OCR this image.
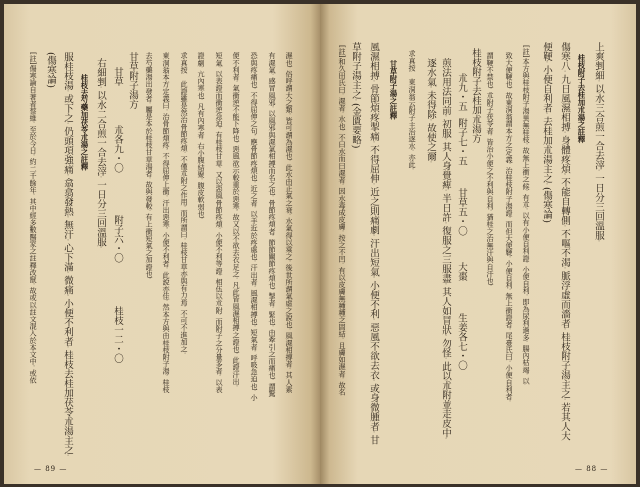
濕也。俗呼謂大之類。皆可謂為濕也。此水由正氣之衰。水氣得以乘之。後世所謂氣虛之說也。風濕相搏者。其人素
有濕氣。感冒風邪。以風邪與濕氣相搏而名之也。骨節疼煩者。節節關節疼煩也。掣者。緊也。由牽引之而痛也。謂驚
恐與疼痛也。不得屈伸之句。應骨節疼煩也。近之者。以手近於疼處也。汗出者。風濕相搏也。短氣者。呼吸急迫也。小
便不利者。氣衝逆不能下降也。惡風欲示較重於惡寒。故又以不欲去衣足之。凡此皆風濕相搏之證也。此證汗出。
短氣。以表證而衝逆急迫。有桂枝甘草。又以惡風骨節疼煩。小便不利等證。相伍以朮附。而附子之分量多者。以表
證劇。亢內寒也。凡有內寒者。右小腹結聚。腹皮軟弱也。
求真按　此證雖是然治骨節疼煩。不僅朮附之作用。而所謂曰。桂枝甘草亦與有力焉。不可不進加之。
東洞翁本方定義曰。治骨節煩疼。不得屈伸上衝。汗出惡寒。小便不利者。此說亦佳。然本方與由桂枝附子湯。桂枝
去芍藥湯出發者。屬是本於桂枝甘草湯者。故與發較。有上衝短氣之加證也。
甘草附子湯方
甘草
朮各九・〇
附子六・〇
桂枝一二・〇
右細剉。以水二合煎一合去滓。一日分三回溫服。
桂枝去芍藥加茯苓朮湯之註釋
服桂枝湯。或下之。仍頭項強痛。翕翕發熱。無汗。心下滿。微痛。小便不利者。桂枝去桂加茯苓朮湯主之。
(傷寒論)
[註]傷寒論自著者蔡維。至於今日。約二千餘年。其中經多數醫家之註釋改竄。故或以註文混入於本文中。或依
— 89 —
上爽剉細。以水三合煎一合去滓。一日分三回溫服。
桂枝附子去桂加朮湯之註釋
傷寒八。九日風濕相搏。身體疼煩。不能自轉側。不嘔不渴。脈浮虛而濇者。桂枝附子湯主之。若其人大
便鞕。小便自利者。去桂加朮湯主之。(傷寒論)
[註]本方與桂枝附子湯異無桂枝。故無上衝之候。有朮。以有小便自利證。小便自利。即為尿利過多。腸內枯竭。以
致大便鞕也。故東洞翁謂本方之定義。治桂枝附子湯證。而但大便鞕。小便自利。無上衝證者。尾臺氏曰。小便自利者。
謂鞕不禁也。朮附子茯苓者。皆治小便之不利與自利。猶桂之治無汗與自汗也。
桂枝附子去桂加朮湯方
朮九・五
附子七・五
甘草五・〇
大棗
生姜各七・〇
煎法用法同前。初服。其人身覺痺。半日許。復服之三服盡。其人如冒狀。勿怪。此以朮附並走皮中。
逐水氣。未得除。故使之爾。
求真按　東洞翁云附子主治逐水。亦此。
甘草附子湯之註釋
風濕相搏。骨節煩疼掣痛。不得屈伸。近之則痛劇。汗出短氣。小便不利。惡風不欲去衣。或身微腫者。甘
草附子湯主之。(金匱要略)
[註]和久田氏曰。濕者。水也。不曰水而曰濕者。因水毒成皮膚。按之不凹。有以皮膚無種種之固結。且膚如濕者。故名
— 88 —
